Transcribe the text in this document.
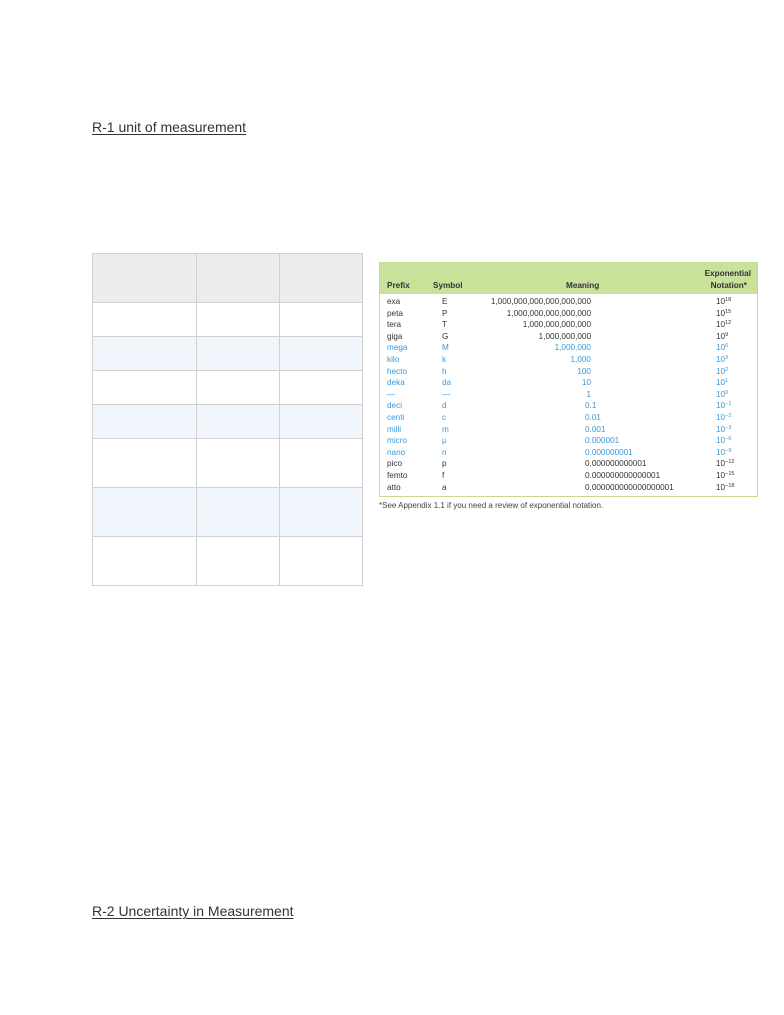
R-1 unit of measurement

Prefix	Symbol	Meaning
Exponential
Notation*
exa	E	1,000,000,000,000,000,000	$10^{18}$
peta	P	1,000,000,000,000,000	$10^{15}$
tera	T	1,000,000,000,000	$10^{12}$
giga	G	1,000,000,000	$10^9$
mega	M	1,000,000	$10^6$
kilo	k	1,000	$10^3$
hecto	h	100	$10^2$
deka	da	10	$10^1$
—	—	1	$10^0$
deci	d	0.1	$10^{-1}$
centi	c	0.01	$10^{-2}$
milli	m	0.001	$10^{-3}$
micro	μ	0.000001	$10^{-6}$
nano	n	0.000000001	$10^{-9}$
pico	p	0.000000000001	$10^{-12}$
femto	f	0.000000000000001	$10^{-15}$
atto	a	0.000000000000000001	$10^{-18}$
*See Appendix 1.1 if you need a review of exponential notation.
R-2 Uncertainty in Measurement
